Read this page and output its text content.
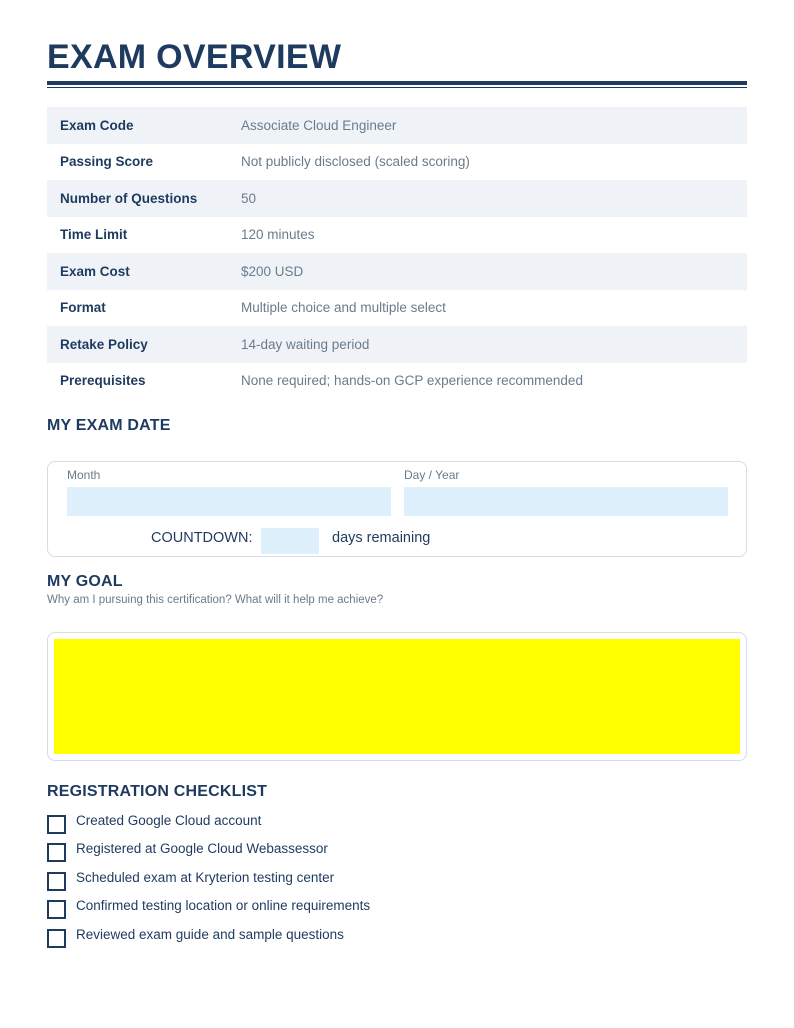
EXAM OVERVIEW
Exam Code	Associate Cloud Engineer
Passing Score	Not publicly disclosed (scaled scoring)
Number of Questions	50
Time Limit	120 minutes
Exam Cost	$200 USD
Format	Multiple choice and multiple select
Retake Policy	14-day waiting period
Prerequisites	None required; hands-on GCP experience recommended
MY EXAM DATE
Month	Day / Year
COUNTDOWN:	days remaining
MY GOAL
Why am I pursuing this certification? What will it help me achieve?
REGISTRATION CHECKLIST
Created Google Cloud account
Registered at Google Cloud Webassessor
Scheduled exam at Kryterion testing center
Confirmed testing location or online requirements
Reviewed exam guide and sample questions
